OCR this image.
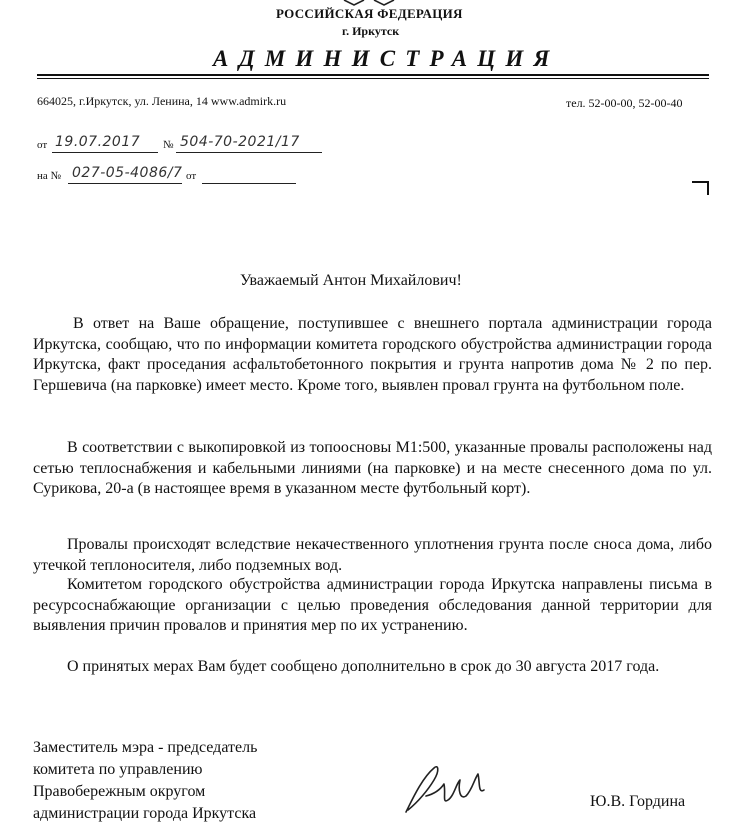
РОССИЙСКАЯ ФЕДЕРАЦИЯ
г. Иркутск
АДМИНИСТРАЦИЯ
664025, г.Иркутск, ул. Ленина, 14 www.admirk.ru	тел. 52-00-00, 52-00-40
от 19.07.2017 № 504-70-2021/17
на № 027-05-4086/7 от
Уважаемый Антон Михайлович!

В ответ на Ваше обращение, поступившее с внешнего портала администрации города Иркутска, сообщаю, что по информации комитета городского обустройства администрации города Иркутска, факт проседания асфальтобетонного покрытия и грунта напротив дома № 2 по пер. Гершевича (на парковке) имеет место. Кроме того, выявлен провал грунта на футбольном поле.

В соответствии с выкопировкой из топоосновы М1:500, указанные провалы расположены над сетью теплоснабжения и кабельными линиями (на парковке) и на месте снесенного дома по ул. Сурикова, 20-а (в настоящее время в указанном месте футбольный корт).

Провалы происходят вследствие некачественного уплотнения грунта после сноса дома, либо утечкой теплоносителя, либо подземных вод.

Комитетом городского обустройства администрации города Иркутска направлены письма в ресурсоснабжающие организации с целью проведения обследования данной территории для выявления причин провалов и принятия мер по их устранению.

О принятых мерах Вам будет сообщено дополнительно в срок до 30 августа 2017 года.

Заместитель мэра - председатель
комитета по управлению
Правобережным округом
администрации города Иркутска
Ю.В. Гордина
